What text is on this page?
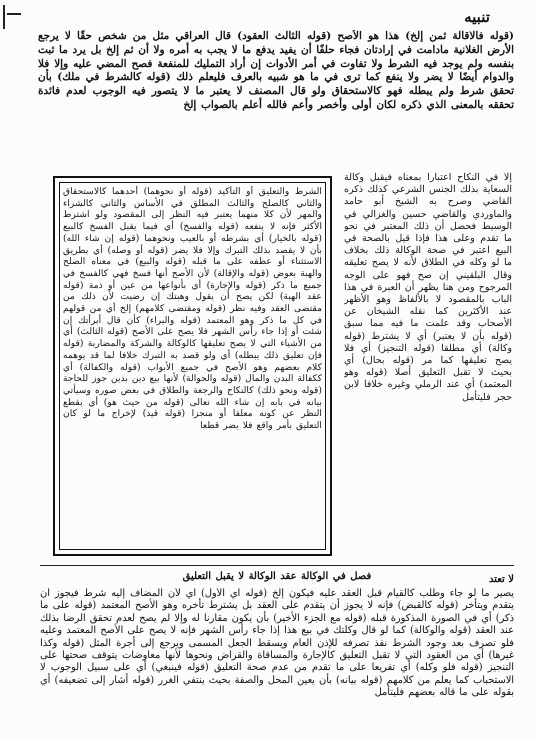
تنبيه
(قوله فالاقالة ثمن إلخ) هذا هو الأصح (قوله الثالث العقود) قال العراقي مثل من شخص حقًا لا يرجع الأرض الغلانية مادامت في إرادتان فجاء حلفًا أن يفيد يدفع ما لا يجب به أمره ولا أن ثم إلخ بل يرد ما ثبت بنفسه ولم يوجد فيه الشرط ولا تفاوت في أمر الأدوات إن أراد التمليك للمنفعة فصح المضي عليه وإلا فلا والدوام أيضًا لا يضر ولا ينفع كما ترى في ما هو شبيه بالعرف فليعلم ذلك (قوله كالشرط في ملك) بأن تحقق شرط ولم يبطله فهو كالاستحقاق ولو قال المصنف لا يعتبر ما لا يتصور فيه الوجوب لعدم فائدة تحققه بالمعنى الذي ذكره لكان أولى وأخصر وأعم فالله أعلم بالصواب إلخ
الشرط والتعليق أو التأكيد (قوله أو نحوهما) أحدهما كالاستحقاق والثاني كالصلح والثالث المطلق في الأساس والثاني كالشراء والمهر لأن كلا منهما يعتبر فيه النظر إلى المقصود ولو اشترط الأكثر فإنه لا ينفعه (قوله والفسخ) أي فيما يقبل الفسخ كالبيع (قوله بالخيار) أي بشرطه أو بالعيب ونحوهما (قوله إن شاء الله) بأن لا يقصد بذلك التبرك وإلا فلا يضر (قوله أو وصله) أي بطريق الاستثناء أو عطفه على ما قبله (قوله والبيع) في معناه الصلح والهبة بعوض (قوله والإقالة) لأن الأصح أنها فسخ فهي كالفسخ في جميع ما ذكر (قوله والإجارة) أي بأنواعها من عين أو ذمة (قوله عقد الهبة) لكن يصح أن يقول وهبتك إن رضيت لأن ذلك من مقتضى العقد وفيه نظر (قوله ومقتضى كلامهم) إلخ أي من قولهم في كل ما ذكر وهو المعتمد (قوله والبراء) كأن قال أبرأتك إن شئت أو إذا جاء رأس الشهر فلا يصح على الأصح (قوله الثالث) أي من الأشياء التي لا يصح تعليقها كالوكالة والشركة والمضاربة (قوله فإن تعليق ذلك يبطله) أي ولو قصد به التبرك خلافا لما قد يوهمه كلام بعضهم وهو الأصح في جميع الأبواب (قوله والكفالة) أي ككفالة البدن والمال (قوله والحوالة) لأنها بيع دين بدين جوز للحاجة (قوله ونحو ذلك) كالنكاح والرجعة والطلاق في بعض صوره وسيأتي بيانه في بابه إن شاء الله تعالى (قوله من حيث هو) أي بقطع النظر عن كونه معلقا أو منجزا (قوله قيد) لإخراج ما لو كان التعليق بأمر واقع فلا يضر قطعا
إلا في النكاح اعتبارا بمعناه فيقبل وكالة السعاية بذلك الجنس الشرعي كذلك ذكره القاضي وصرح به الشيخ أبو حامد والماوردي والقاضي حسين والغزالي في الوسيط فحصل أن ذلك المعتبر في نحو ما تقدم وعلى هذا فإذا قيل بالصحة في البيع اعتبر في صحة الوكالة ذلك بخلاف ما لو وكله في الطلاق لأنه لا يصح تعليقه وقال البلقيني إن صح فهو على الوجه المرجوح ومن هنا يظهر أن العبرة في هذا الباب بالمقصود لا بالألفاظ وهو الأظهر عند الأكثرين كما نقله الشيخان عن الأصحاب وقد علمت ما فيه مما سبق (قوله بأن لا يعتبر) أي لا يشترط (قوله وكالة) أي مطلقا (قوله التنجيز) أي فلا يصح تعليقها كما مر (قوله بحال) أي بحيث لا تقبل التعليق أصلا (قوله وهو المعتمد) أي عند الرملي وغيره خلافا لابن حجر فليتأمل
فصل في الوكالة عقد الوكالة لا يقبل التعليق	لا تعتد
يصير ما لو جاء وطلب كالقيام قبل العقد عليه فيكون إلخ (قوله أي الأول) أي لأن المضاف إليه شرط فيجوز أن يتقدم ويتأخر (قوله كالقبض) فإنه لا يجوز أن يتقدم على العقد بل يشترط تأخره وهو الأصح المعتمد (قوله على ما ذكر) أي في الصورة المذكورة قبله (قوله مع الجزء الأخير) بأن يكون مقارنا له وإلا لم يصح لعدم تحقق الرضا بذلك عند العقد (قوله والوكالة) كما لو قال وكلتك في بيع هذا إذا جاء رأس الشهر فإنه لا يصح على الأصح المعتمد وعليه فلو تصرف بعد وجود الشرط نفذ تصرفه للإذن العام ويسقط الجعل المسمى ويرجع إلى أجرة المثل (قوله وكذا غيرها) أي من العقود التي لا تقبل التعليق كالإجارة والمساقاة والقراض ونحوها لأنها معاوضات يتوقف صحتها على التنجيز (قوله فلو وكله) أي تفريعا على ما تقدم من عدم صحة التعليق (قوله فينبغي) أي على سبيل الوجوب لا الاستحباب كما يعلم من كلامهم (قوله بيانه) بأن يعين المحل والصفة بحيث ينتفي الغرر (قوله أشار إلى تضعيفه) أي بقوله على ما قاله بعضهم فليتأمل
